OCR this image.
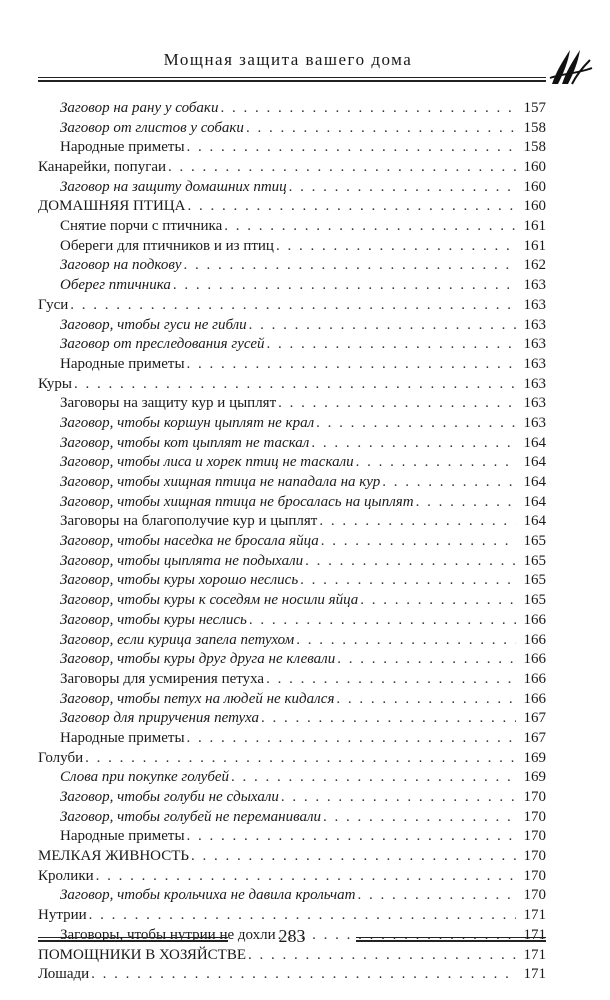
Мощная защита вашего дома
Заговор на рану у собаки . . .	157
Заговор от глистов у собаки . . .	158
Народные приметы . . .	158
Канарейки, попугаи . . .	160
Заговор на защиту домашних птиц . . .	160
ДОМАШНЯЯ ПТИЦА . . .	160
Снятие порчи с птичника . . .	161
Обереги для птичников и из птиц . . .	161
Заговор на подкову . . .	162
Оберег птичника . . .	163
Гуси . . .	163
Заговор, чтобы гуси не гибли . . .	163
Заговор от преследования гусей . . .	163
Народные приметы . . .	163
Куры . . .	163
Заговоры на защиту кур и цыплят . . .	163
Заговор, чтобы коршун цыплят не крал . . .	163
Заговор, чтобы кот цыплят не таскал . . .	164
Заговор, чтобы лиса и хорек птиц не таскали . . .	164
Заговор, чтобы хищная птица не нападала на кур . . .	164
Заговор, чтобы хищная птица не бросалась на цыплят . . .	164
Заговоры на благополучие кур и цыплят . . .	164
Заговор, чтобы наседка не бросала яйца . . .	165
Заговор, чтобы цыплята не подыхали . . .	165
Заговор, чтобы куры хорошо неслись . . .	165
Заговор, чтобы куры к соседям не носили яйца . . .	165
Заговор, чтобы куры неслись . . .	166
Заговор, если курица запела петухом . . .	166
Заговор, чтобы куры друг друга не клевали . . .	166
Заговоры для усмирения петуха . . .	166
Заговор, чтобы петух на людей не кидался . . .	166
Заговор для приручения петуха . . .	167
Народные приметы . . .	167
Голуби . . .	169
Слова при покупке голубей . . .	169
Заговор, чтобы голуби не сдыхали . . .	170
Заговор, чтобы голубей не переманивали . . .	170
Народные приметы . . .	170
МЕЛКАЯ ЖИВНОСТЬ . . .	170
Кролики . . .	170
Заговор, чтобы крольчиха не давила крольчат . . .	170
Нутрии . . .	171
Заговоры, чтобы нутрии не дохли . . .	171
ПОМОЩНИКИ В ХОЗЯЙСТВЕ . . .	171
Лошади . . .	171
283
